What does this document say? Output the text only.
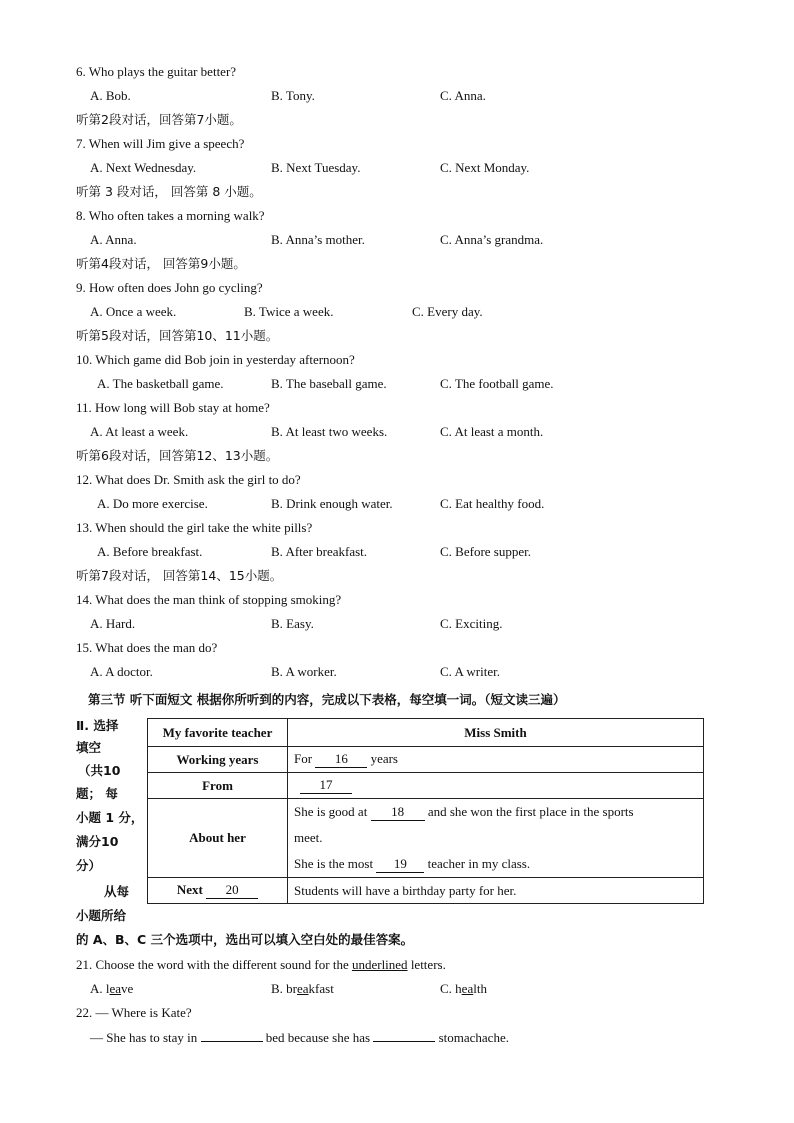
6. Who plays the guitar better?
A. Bob.	B. Tony.	C. Anna.
听第2段对话，回答第7小题。
7. When will Jim give a speech?
A. Next Wednesday.	B. Next Tuesday.	C. Next Monday.
听第 3 段对话， 回答第 8 小题。
8. Who often takes a morning walk?
A. Anna.	B. Anna’s mother.	C. Anna’s grandma.
听第4段对话， 回答第9小题。
9. How often does John go cycling?
A. Once a week.	B. Twice a week.	C. Every day.
听第5段对话，回答第10、11小题。
10. Which game did Bob join in yesterday afternoon?
A. The basketball game.	B. The baseball game.	C. The football game.
11. How long will Bob stay at home?
A. At least a week.	B. At least two weeks.	C. At least a month.
听第6段对话，回答第12、13小题。
12. What does Dr. Smith ask the girl to do?
A. Do more exercise.	B. Drink enough water.	C. Eat healthy food.
13. When should the girl take the white pills?
A. Before breakfast.	B. After breakfast.	C. Before supper.
听第7段对话， 回答第14、15小题。
14. What does the man think of stopping smoking?
A. Hard.	B. Easy.	C. Exciting.
15. What does the man do?
A. A doctor.	B. A worker.	C. A writer.
第三节 听下面短文 根据你所听到的内容，完成以下表格，每空填一词。（短文读三遍）
Ⅱ. 选择
填空
（共10
题； 每
小题 1 分，
满分10
分）
从每
小题所给
的 A、B、C 三个选项中，选出可以填入空白处的最佳答案。
My favorite teacher	Miss Smith
Working years	For 16 years
From	17
About her	She is good at 18 and she won the first place in the sports
meet.
She is the most 19 teacher in my class.

Next 20	Students will have a birthday party for her.
21. Choose the word with the different sound for the underlined letters.
A. leave	B. breakfast	C. health
22. — Where is Kate?
— She has to stay in	bed because she has	stomachache.
